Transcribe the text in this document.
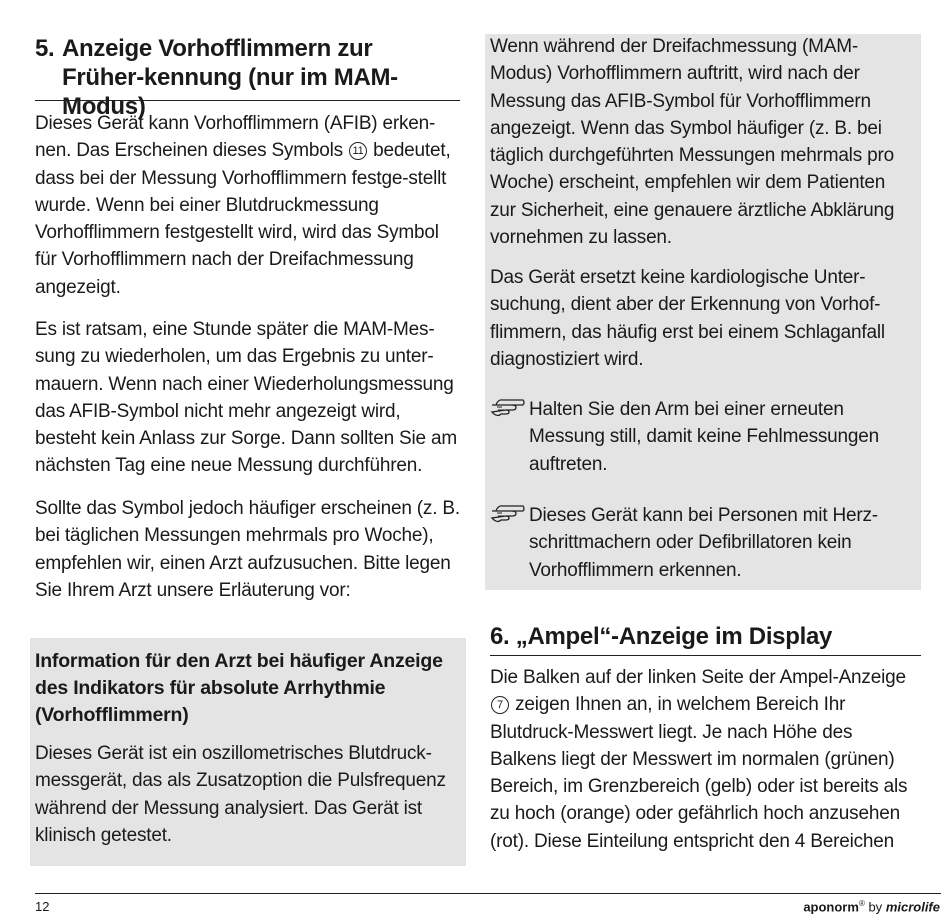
5. Anzeige Vorhofflimmern zur Früher-kennung (nur im MAM-Modus)

Dieses Gerät kann Vorhofflimmern (AFIB) erken-nen. Das Erscheinen dieses Symbols 11 bedeutet, dass bei der Messung Vorhofflimmern festge-stellt wurde. Wenn bei einer Blutdruckmessung Vorhofflimmern festgestellt wird, wird das Symbol für Vorhofflimmern nach der Dreifachmessung angezeigt.

Es ist ratsam, eine Stunde später die MAM-Mes-sung zu wiederholen, um das Ergebnis zu unter-mauern. Wenn nach einer Wiederholungsmessung das AFIB-Symbol nicht mehr angezeigt wird, besteht kein Anlass zur Sorge. Dann sollten Sie am nächsten Tag eine neue Messung durchführen.

Sollte das Symbol jedoch häufiger erscheinen (z. B. bei täglichen Messungen mehrmals pro Woche), empfehlen wir, einen Arzt aufzusuchen. Bitte legen Sie Ihrem Arzt unsere Erläuterung vor:

Information für den Arzt bei häufiger Anzeige des Indikators für absolute Arrhythmie (Vorhofflimmern)

Dieses Gerät ist ein oszillometrisches Blutdruck-messgerät, das als Zusatzoption die Pulsfrequenz während der Messung analysiert. Das Gerät ist klinisch getestet.

Wenn während der Dreifachmessung (MAM-Modus) Vorhofflimmern auftritt, wird nach der Messung das AFIB-Symbol für Vorhofflimmern angezeigt. Wenn das Symbol häufiger (z. B. bei täglich durchgeführten Messungen mehrmals pro Woche) erscheint, empfehlen wir dem Patienten zur Sicherheit, eine genauere ärztliche Abklärung vornehmen zu lassen.

Das Gerät ersetzt keine kardiologische Unter-suchung, dient aber der Erkennung von Vorhof-flimmern, das häufig erst bei einem Schlaganfall diagnostiziert wird.

Halten Sie den Arm bei einer erneuten Messung still, damit keine Fehlmessungen auftreten.

Dieses Gerät kann bei Personen mit Herz-schrittmachern oder Defibrillatoren kein Vorhofflimmern erkennen.

6. „Ampel“-Anzeige im Display

Die Balken auf der linken Seite der Ampel-Anzeige 7 zeigen Ihnen an, in welchem Bereich Ihr Blutdruck-Messwert liegt. Je nach Höhe des Balkens liegt der Messwert im normalen (grünen) Bereich, im Grenzbereich (gelb) oder ist bereits als zu hoch (orange) oder gefährlich hoch anzusehen (rot). Diese Einteilung entspricht den 4 Bereichen

12	aponorm® by microlife
